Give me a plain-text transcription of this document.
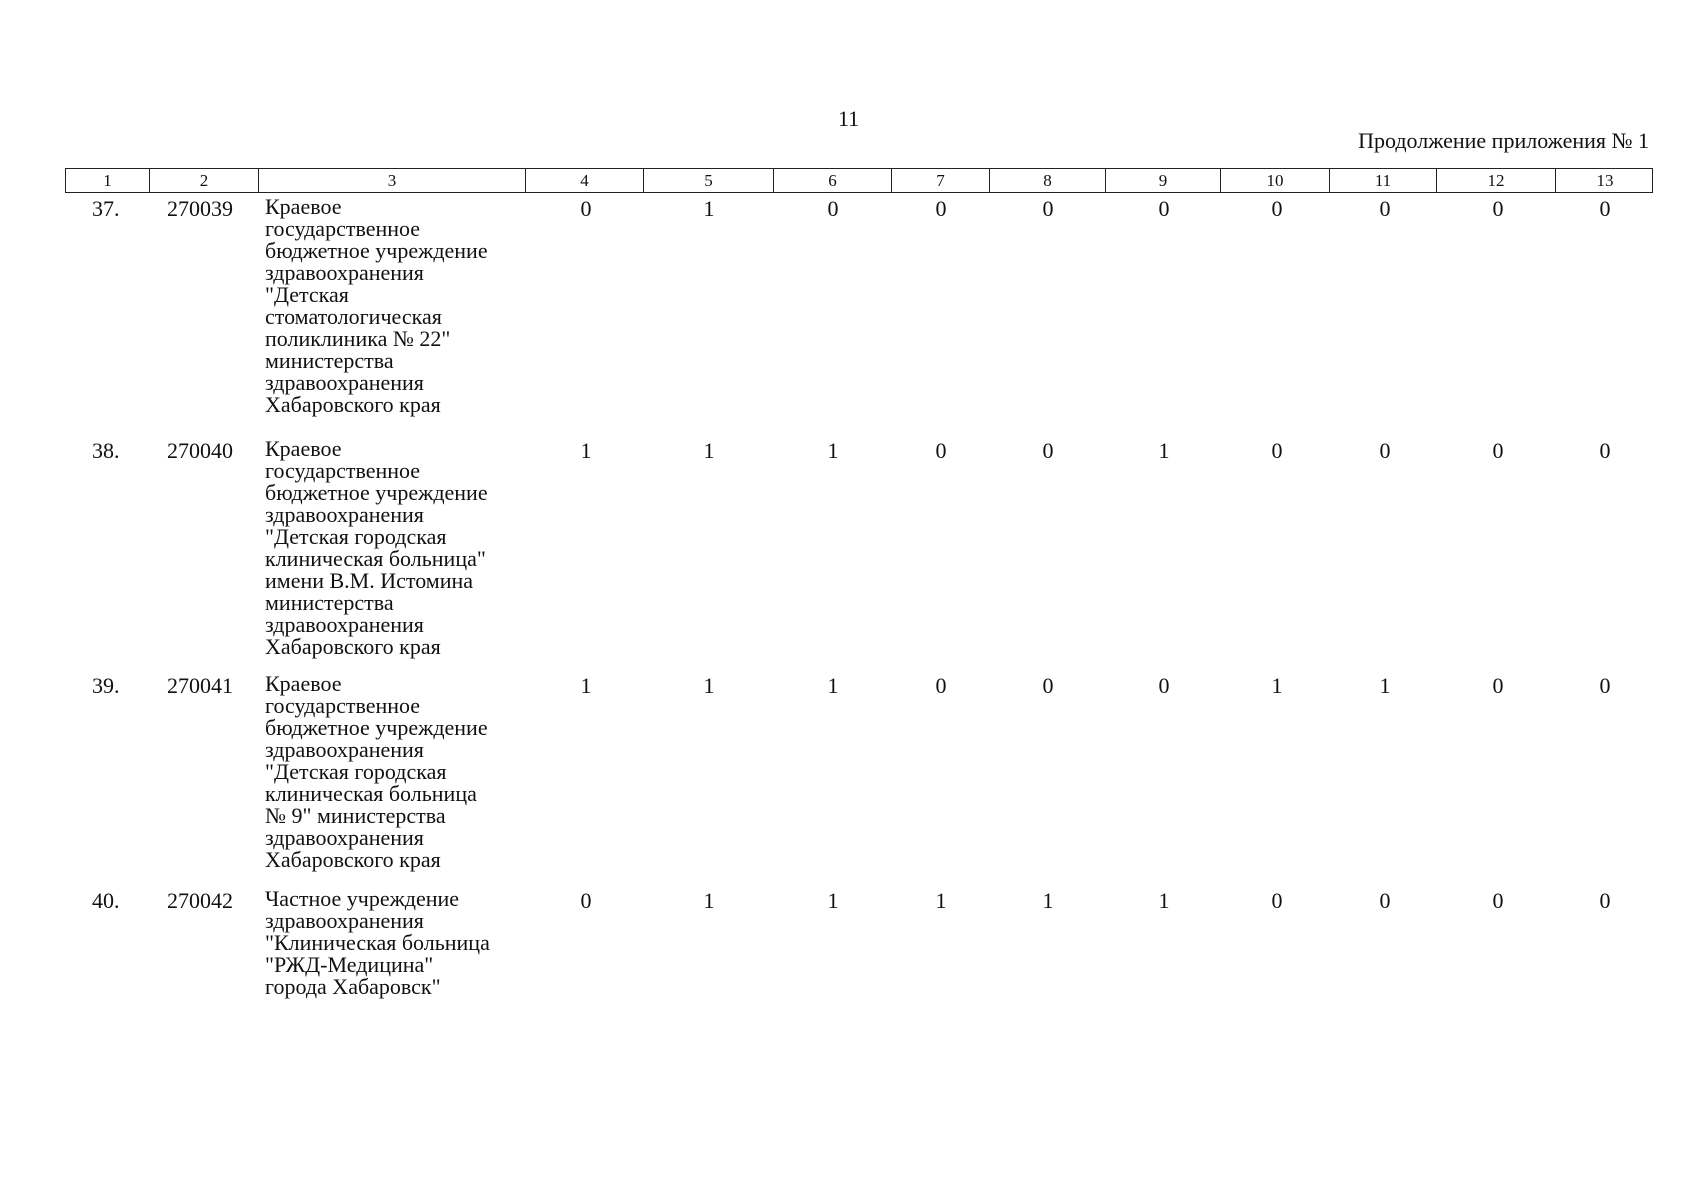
11
Продолжение приложения № 1
1	2	3	4	5	6	7	8	9	10	11	12	13
37. 270039 Краевое
государственное
бюджетное учреждение
здравоохранения
"Детская
стоматологическая
поликлиника № 22"
министерства
здравоохранения
Хабаровского края
0	1	0	0	0	0	0	0	0	0
38. 270040 Краевое
государственное
бюджетное учреждение
здравоохранения
"Детская городская
клиническая больница"
имени В.М. Истомина
министерства
здравоохранения
Хабаровского края
1	1	1	0	0	1	0	0	0	0
39. 270041 Краевое
государственное
бюджетное учреждение
здравоохранения
"Детская городская
клиническая больница
№ 9" министерства
здравоохранения
Хабаровского края
1	1	1	0	0	0	1	1	0	0
40. 270042 Частное учреждение
здравоохранения
"Клиническая больница
"РЖД-Медицина"
города Хабаровск"
0	1	1	1	1	1	0	0	0	0
